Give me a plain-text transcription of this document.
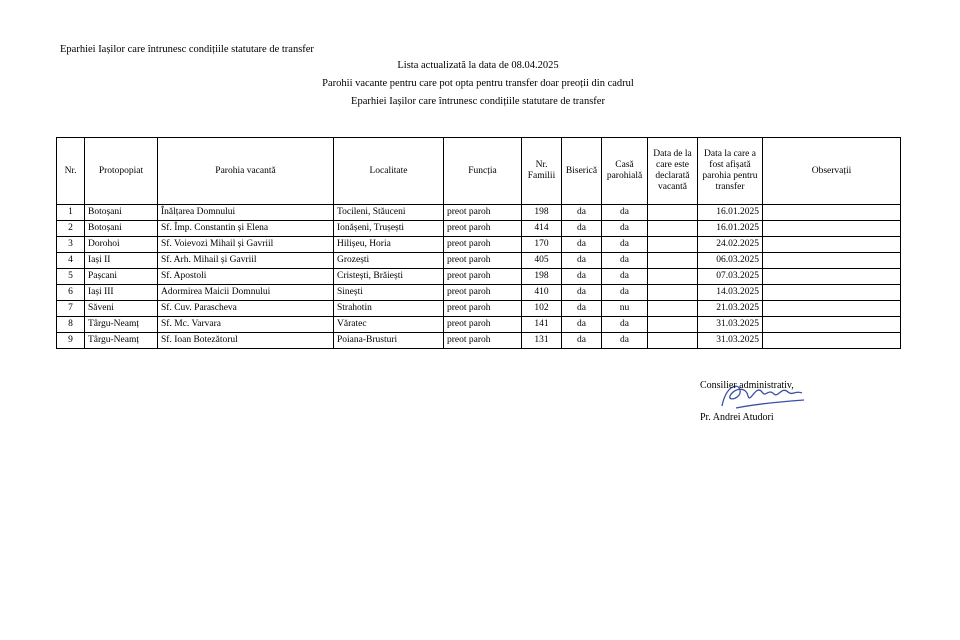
Eparhiei Iașilor care întrunesc condițiile statutare de transfer
Lista actualizată la data de 08.04.2025
Parohii vacante pentru care pot opta pentru transfer doar preoții din cadrul
Eparhiei Iașilor care întrunesc condițiile statutare de transfer
Nr.	Protopopiat	Parohia vacantă	Localitate	Funcția	Nr. Familii	Biserică	Casă parohială	Data de la care este declarată vacantă	Data la care a fost afișată parohia pentru transfer	Observații
1	Botoșani	Înălțarea Domnului	Tocileni, Stăuceni	preot paroh	198	da	da		16.01.2025	
2	Botoșani	Sf. Împ. Constantin și Elena	Ionășeni, Trușești	preot paroh	414	da	da		16.01.2025	
3	Dorohoi	Sf. Voievozi Mihail și Gavriil	Hilișeu, Horia	preot paroh	170	da	da		24.02.2025	
4	Iași II	Sf. Arh. Mihail și Gavriil	Grozești	preot paroh	405	da	da		06.03.2025	
5	Pașcani	Sf. Apostoli	Cristești, Brăiești	preot paroh	198	da	da		07.03.2025	
6	Iași III	Adormirea Maicii Domnului	Sinești	preot paroh	410	da	da		14.03.2025	
7	Săveni	Sf. Cuv. Parascheva	Strahotin	preot paroh	102	da	nu		21.03.2025	
8	Târgu-Neamț	Sf. Mc. Varvara	Văratec	preot paroh	141	da	da		31.03.2025	
9	Târgu-Neamț	Sf. Ioan Botezătorul	Poiana-Brusturi	preot paroh	131	da	da		31.03.2025	
Consilier administrativ,
Pr. Andrei Atudori
